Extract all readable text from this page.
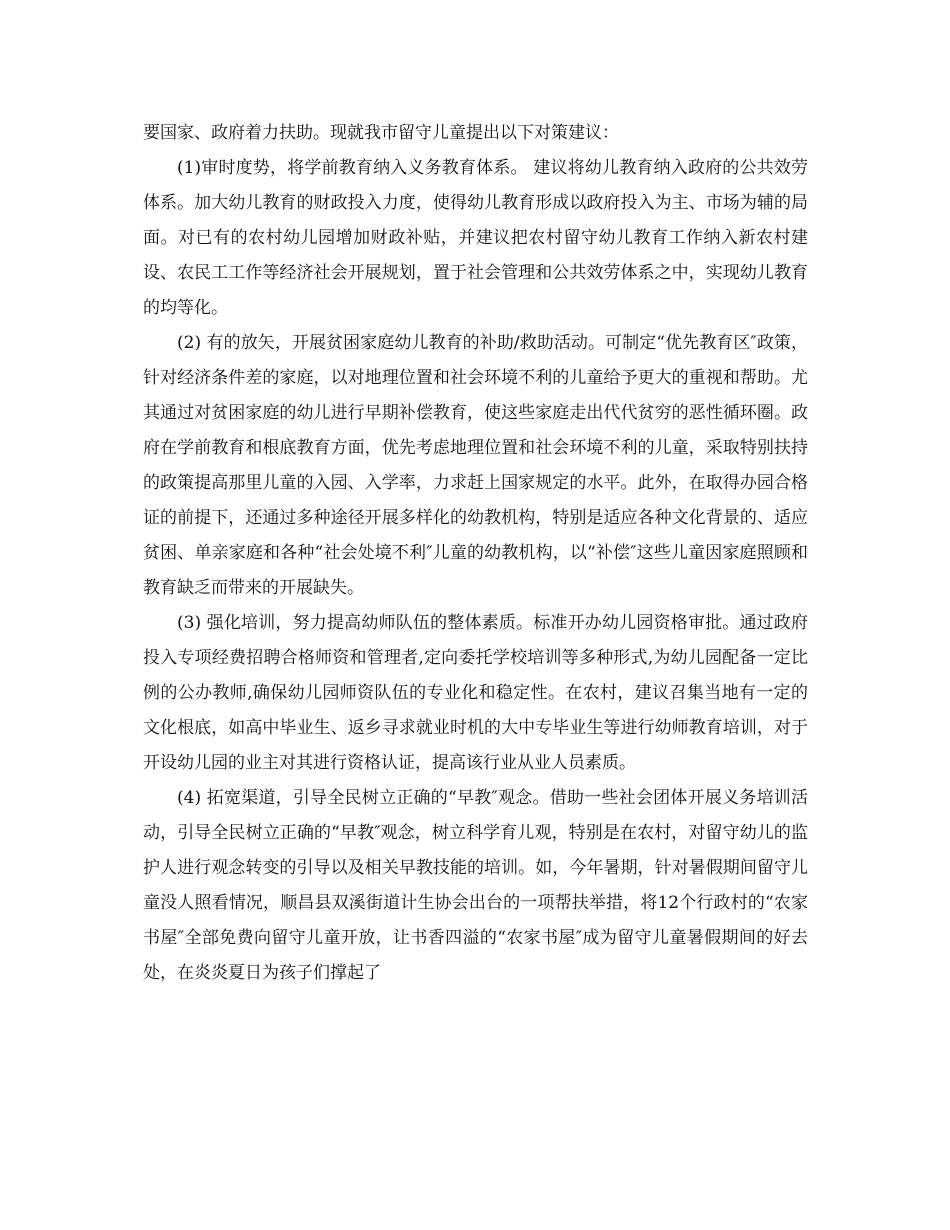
要国家、政府着力扶助。现就我市留守儿童提出以下对策建议：

(1)审时度势，将学前教育纳入义务教育体系。 建议将幼儿教育纳入政府的公共效劳体系。加大幼儿教育的财政投入力度，使得幼儿教育形成以政府投入为主、市场为辅的局面。对已有的农村幼儿园增加财政补贴，并建议把农村留守幼儿教育工作纳入新农村建设、农民工工作等经济社会开展规划，置于社会管理和公共效劳体系之中，实现幼儿教育的均等化。

(2) 有的放矢，开展贫困家庭幼儿教育的补助/救助活动。可制定“优先教育区″政策，针对经济条件差的家庭，以对地理位置和社会环境不利的儿童给予更大的重视和帮助。尤其通过对贫困家庭的幼儿进行早期补偿教育，使这些家庭走出代代贫穷的恶性循环圈。政府在学前教育和根底教育方面，优先考虑地理位置和社会环境不利的儿童，采取特别扶持的政策提高那里儿童的入园、入学率，力求赶上国家规定的水平。此外，在取得办园合格证的前提下，还通过多种途径开展多样化的幼教机构，特别是适应各种文化背景的、适应贫困、单亲家庭和各种“社会处境不利″儿童的幼教机构，以“补偿″这些儿童因家庭照顾和教育缺乏而带来的开展缺失。

(3) 强化培训，努力提高幼师队伍的整体素质。标准开办幼儿园资格审批。通过政府投入专项经费招聘合格师资和管理者,定向委托学校培训等多种形式,为幼儿园配备一定比例的公办教师,确保幼儿园师资队伍的专业化和稳定性。在农村，建议召集当地有一定的文化根底，如高中毕业生、返乡寻求就业时机的大中专毕业生等进行幼师教育培训，对于开设幼儿园的业主对其进行资格认证，提高该行业从业人员素质。

(4) 拓宽渠道，引导全民树立正确的“早教″观念。借助一些社会团体开展义务培训活动，引导全民树立正确的“早教″观念，树立科学育儿观，特别是在农村，对留守幼儿的监护人进行观念转变的引导以及相关早教技能的培训。如，今年暑期，针对暑假期间留守儿童没人照看情况，顺昌县双溪街道计生协会出台的一项帮扶举措，将12个行政村的“农家书屋″全部免费向留守儿童开放，让书香四溢的“农家书屋″成为留守儿童暑假期间的好去处，在炎炎夏日为孩子们撑起了
